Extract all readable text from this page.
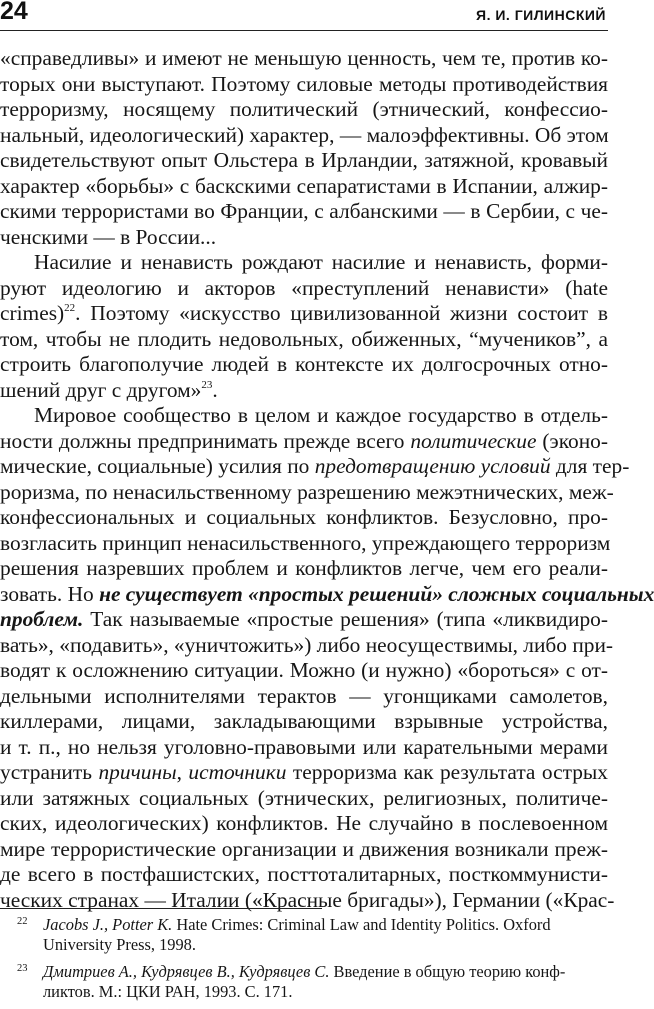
24	Я. И. ГИЛИНСКИЙ
«справедливы» и имеют не меньшую ценность, чем те, против ко-
торых они выступают. Поэтому силовые методы противодействия
терроризму, носящему политический (этнический, конфессио-
нальный, идеологический) характер, — малоэффективны. Об этом
свидетельствуют опыт Ольстера в Ирландии, затяжной, кровавый
характер «борьбы» с баскскими сепаратистами в Испании, алжир-
скими террористами во Франции, с албанскими — в Сербии, с че-
ченскими — в России...
Насилие и ненависть рождают насилие и ненависть, форми-
руют идеологию и акторов «преступлений ненависти» (hate
crimes)$^{22}$. Поэтому «искусство цивилизованной жизни состоит в
том, чтобы не плодить недовольных, обиженных, “мучеников”, а
строить благополучие людей в контексте их долгосрочных отно-
шений друг с другом»$^{23}$.
Мировое сообщество в целом и каждое государство в отдель-
ности должны предпринимать прежде всего политические (эконо-
мические, социальные) усилия по предотвращению условий для тер-
роризма, по ненасильственному разрешению межэтнических, меж-
конфессиональных и социальных конфликтов. Безусловно, про-
возгласить принцип ненасильственного, упреждающего терроризм
решения назревших проблем и конфликтов легче, чем его реали-
зовать. Но не существует «простых решений» сложных социальных
проблем. Так называемые «простые решения» (типа «ликвидиро-
вать», «подавить», «уничтожить») либо неосуществимы, либо при-
водят к осложнению ситуации. Можно (и нужно) «бороться» с от-
дельными исполнителями терактов — угонщиками самолетов,
киллерами, лицами, закладывающими взрывные устройства,
и т. п., но нельзя уголовно-правовыми или карательными мерами
устранить причины, источники терроризма как результата острых
или затяжных социальных (этнических, религиозных, политиче-
ских, идеологических) конфликтов. Не случайно в послевоенном
мире террористические организации и движения возникали преж-
де всего в постфашистских, посттоталитарных, посткоммунисти-
ческих странах — Италии («Красные бригады»), Германии («Крас-
22 Jacobs J., Potter K. Hate Crimes: Criminal Law and Identity Politics. Oxford
University Press, 1998.
23 Дмитриев А., Кудрявцев В., Кудрявцев С. Введение в общую теорию конф-
ликтов. М.: ЦКИ РАН, 1993. С. 171.
